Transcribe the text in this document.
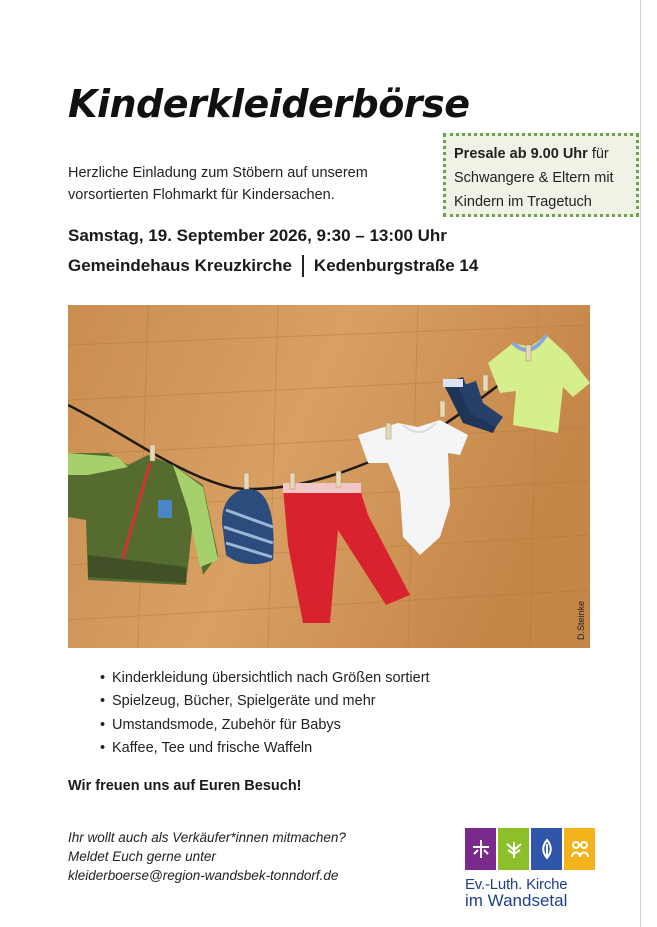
Kinderkleiderbörse
Herzliche Einladung zum Stöbern auf unserem
vorsortierten Flohmarkt für Kindersachen.
Presale ab 9.00 Uhr für
Schwangere & Eltern mit
Kindern im Tragetuch
Samstag, 19. September 2026, 9:30 – 13:00 Uhr
Gemeindehaus Kreuzkirche Kedenburgstraße 14
D.Steinke
• Kinderkleidung übersichtlich nach Größen sortiert
• Spielzeug, Bücher, Spielgeräte und mehr
• Umstandsmode, Zubehör für Babys
• Kaffee, Tee und frische Waffeln
Wir freuen uns auf Euren Besuch!
Ihr wollt auch als Verkäufer*innen mitmachen?
Meldet Euch gerne unter
kleiderboerse@region-wandsbek-tonndorf.de
Ev.-Luth. Kirche
im Wandsetal
